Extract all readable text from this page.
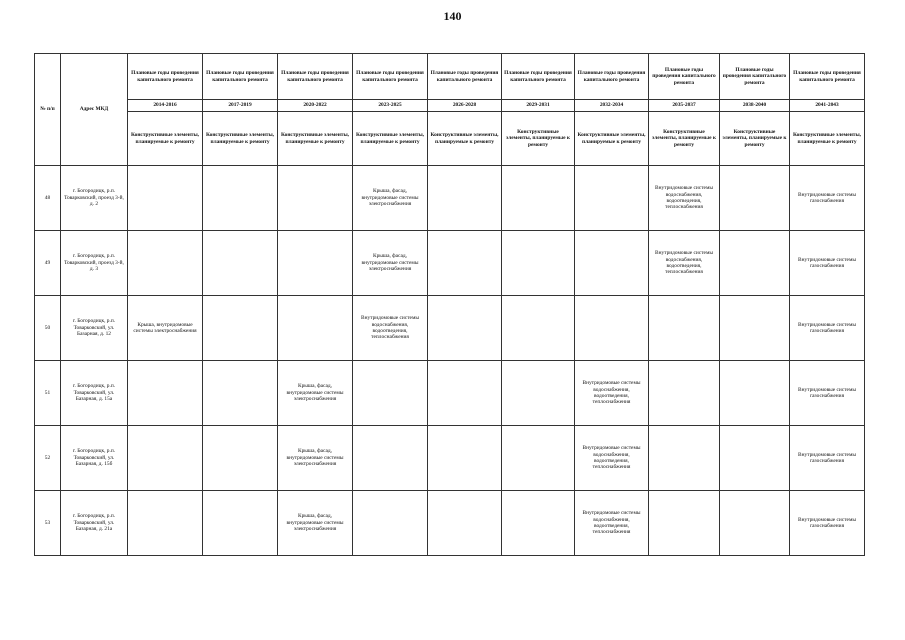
140
№ п/п	Адрес МКД	Плановые годы проведения капитального ремонта	Плановые годы проведения капитального ремонта	Плановые годы проведения капитального ремонта	Плановые годы проведения капитального ремонта	Плановые годы проведения капитального ремонта	Плановые годы проведения капитального ремонта	Плановые годы проведения капитального ремонта	Плановые годы проведения капитального ремонта	Плановые годы проведения капитального ремонта	Плановые годы проведения капитального ремонта
		2014-2016	2017-2019	2020-2022	2023-2025	2026-2028	2029-2031	2032-2034	2035-2037	2038-2040	2041-2043
		Конструктивные элементы, планируемые к ремонту	Конструктивные элементы, планируемые к ремонту	Конструктивные элементы, планируемые к ремонту	Конструктивные элементы, планируемые к ремонту	Конструктивные элементы, планируемые к ремонту	Конструктивные элементы, планируемые к ремонту	Конструктивные элементы, планируемые к ремонту	Конструктивные элементы, планируемые к ремонту	Конструктивные элементы, планируемые к ремонту	Конструктивные элементы, планируемые к ремонту
48	г. Богородицк, р.п. Товарковский, проезд 3-й, д. 2				Крыша, фасад, внутридомовые системы электроснабжения				Внутридомовые системы водоснабжения, водоотведения, теплоснабжения		Внутридомовые системы газоснабжения
49	г. Богородицк, р.п. Товарковский, проезд 3-й, д. 3				Крыша, фасад, внутридомовые системы электроснабжения				Внутридомовые системы водоснабжения, водоотведения, теплоснабжения		Внутридомовые системы газоснабжения
50	г. Богородицк, р.п. Товарковский, ул. Базарная, д. 12	Крыша, внутридомовые системы электроснабжения			Внутридомовые системы водоснабжения, водоотведения, теплоснабжения						Внутридомовые системы газоснабжения
51	г. Богородицк, р.п. Товарковский, ул. Базарная, д. 15а			Крыша, фасад, внутридомовые системы электроснабжения				Внутридомовые системы водоснабжения, водоотведения, теплоснабжения			Внутридомовые системы газоснабжения
52	г. Богородицк, р.п. Товарковский, ул. Базарная, д. 15б			Крыша, фасад, внутридомовые системы электроснабжения				Внутридомовые системы водоснабжения, водоотведения, теплоснабжения			Внутридомовые системы газоснабжения
53	г. Богородицк, р.п. Товарковский, ул. Базарная, д. 21а			Крыша, фасад, внутридомовые системы электроснабжения				Внутридомовые системы водоснабжения, водоотведения, теплоснабжения			Внутридомовые системы газоснабжения
